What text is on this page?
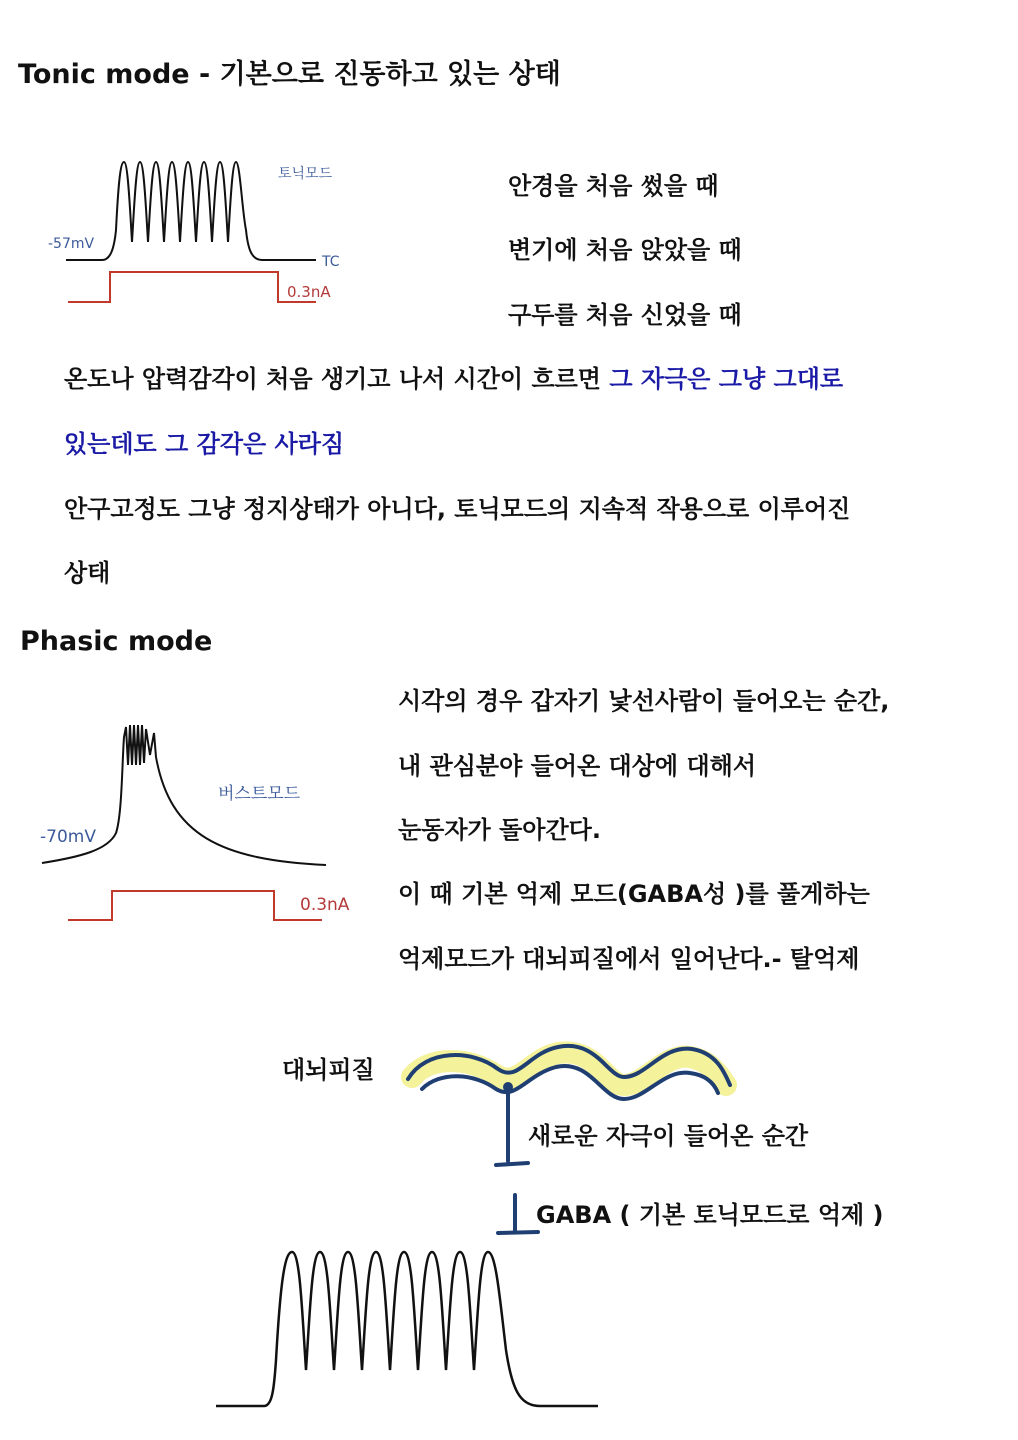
Tonic mode - 기본으로 진동하고 있는 상태
토닉모드
-57mV
TC
0.3nA
안경을 처음 썼을 때
변기에 처음 앉았을 때
구두를 처음 신었을 때
온도나 압력감각이 처음 생기고 나서 시간이 흐르면 그 자극은 그냥 그대로
있는데도 그 감각은 사라짐
안구고정도 그냥 정지상태가 아니다, 토닉모드의 지속적 작용으로 이루어진
상태
Phasic mode
버스트모드
-70mV
0.3nA
시각의 경우 갑자기 낯선사람이 들어오는 순간,
내 관심분야 들어온 대상에 대해서
눈동자가 돌아간다.
이 때 기본 억제 모드(GABA성 )를 풀게하는
억제모드가 대뇌피질에서 일어난다.- 탈억제
대뇌피질
새로운 자극이 들어온 순간
GABA ( 기본 토닉모드로 억제 )
